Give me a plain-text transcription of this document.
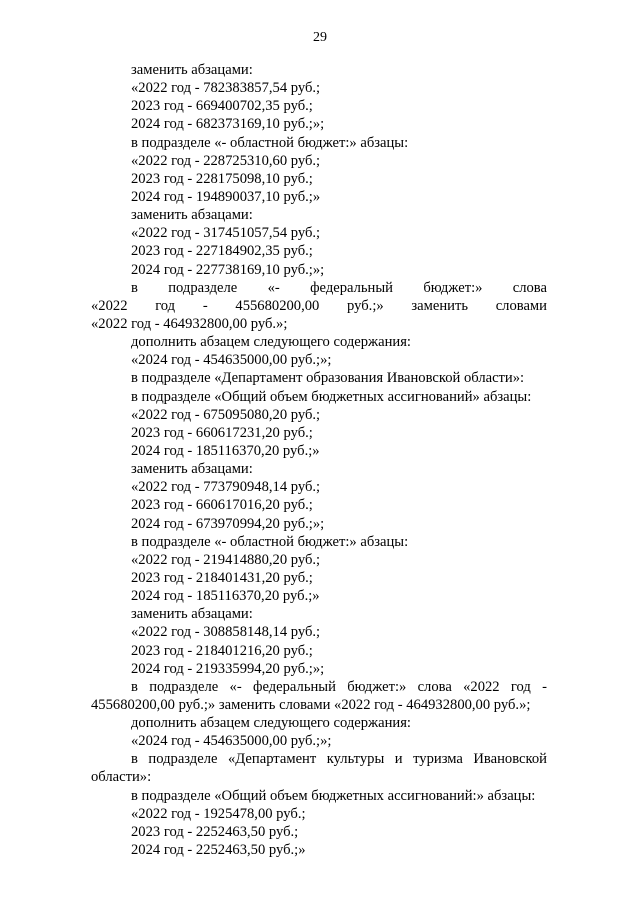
29
заменить абзацами:
«2022 год - 782383857,54 руб.;
2023 год - 669400702,35 руб.;
2024 год - 682373169,10 руб.;»;
в подразделе «- областной бюджет:» абзацы:
«2022 год - 228725310,60 руб.;
2023 год - 228175098,10 руб.;
2024 год - 194890037,10 руб.;»
заменить абзацами:
«2022 год - 317451057,54 руб.;
2023 год - 227184902,35 руб.;
2024 год - 227738169,10 руб.;»;
в подразделе «- федеральный бюджет:» слова
«2022 год - 455680200,00 руб.;» заменить словами
«2022 год - 464932800,00 руб.»;
дополнить абзацем следующего содержания:
«2024 год - 454635000,00 руб.;»;
в подразделе «Департамент образования Ивановской области»:
в подразделе «Общий объем бюджетных ассигнований» абзацы:
«2022 год - 675095080,20 руб.;
2023 год - 660617231,20 руб.;
2024 год - 185116370,20 руб.;»
заменить абзацами:
«2022 год - 773790948,14 руб.;
2023 год - 660617016,20 руб.;
2024 год - 673970994,20 руб.;»;
в подразделе «- областной бюджет:» абзацы:
«2022 год - 219414880,20 руб.;
2023 год - 218401431,20 руб.;
2024 год - 185116370,20 руб.;»
заменить абзацами:
«2022 год - 308858148,14 руб.;
2023 год - 218401216,20 руб.;
2024 год - 219335994,20 руб.;»;
в подразделе «- федеральный бюджет:» слова «2022 год -
455680200,00 руб.;» заменить словами «2022 год - 464932800,00 руб.»;
дополнить абзацем следующего содержания:
«2024 год - 454635000,00 руб.;»;
в подразделе «Департамент культуры и туризма Ивановской
области»:
в подразделе «Общий объем бюджетных ассигнований:» абзацы:
«2022 год - 1925478,00 руб.;
2023 год - 2252463,50 руб.;
2024 год - 2252463,50 руб.;»
